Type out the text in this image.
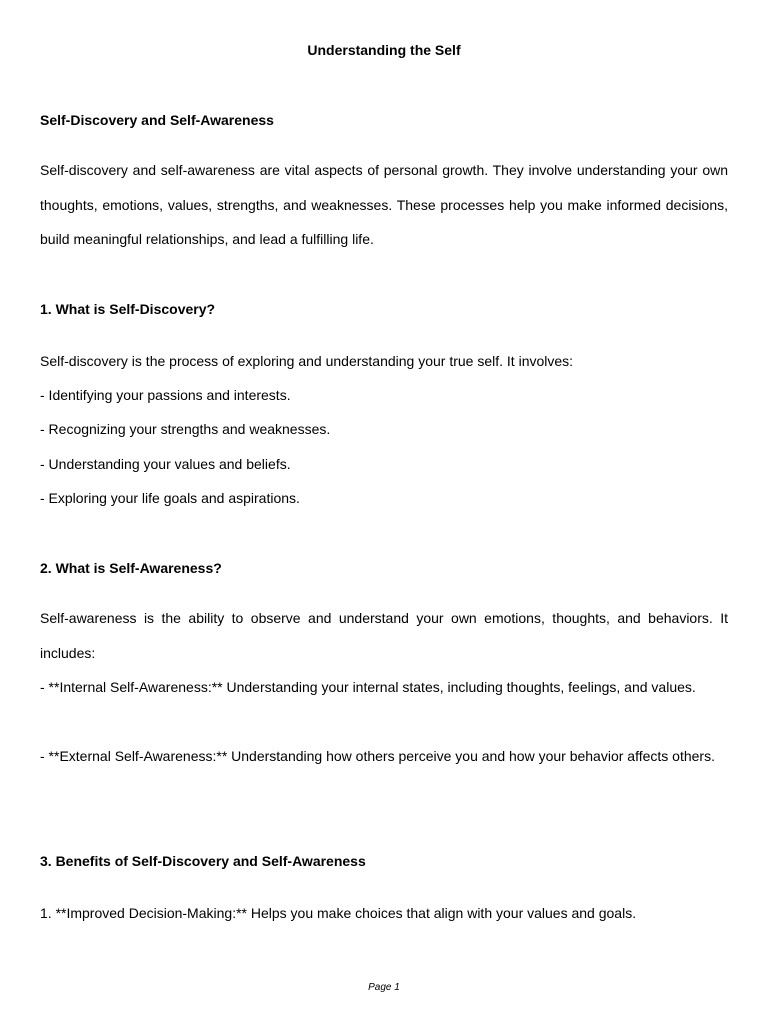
Understanding the Self
Self-Discovery and Self-Awareness

Self-discovery and self-awareness are vital aspects of personal growth. They involve understanding your own thoughts, emotions, values, strengths, and weaknesses. These processes help you make informed decisions, build meaningful relationships, and lead a fulfilling life.

1. What is Self-Discovery?
Self-discovery is the process of exploring and understanding your true self. It involves:
- Identifying your passions and interests.
- Recognizing your strengths and weaknesses.
- Understanding your values and beliefs.
- Exploring your life goals and aspirations.
2. What is Self-Awareness?

Self-awareness is the ability to observe and understand your own emotions, thoughts, and behaviors. It includes:

- **Internal Self-Awareness:** Understanding your internal states, including thoughts, feelings, and values.

- **External Self-Awareness:** Understanding how others perceive you and how your behavior affects others.

3. Benefits of Self-Discovery and Self-Awareness
1. **Improved Decision-Making:** Helps you make choices that align with your values and goals.
Page 1
